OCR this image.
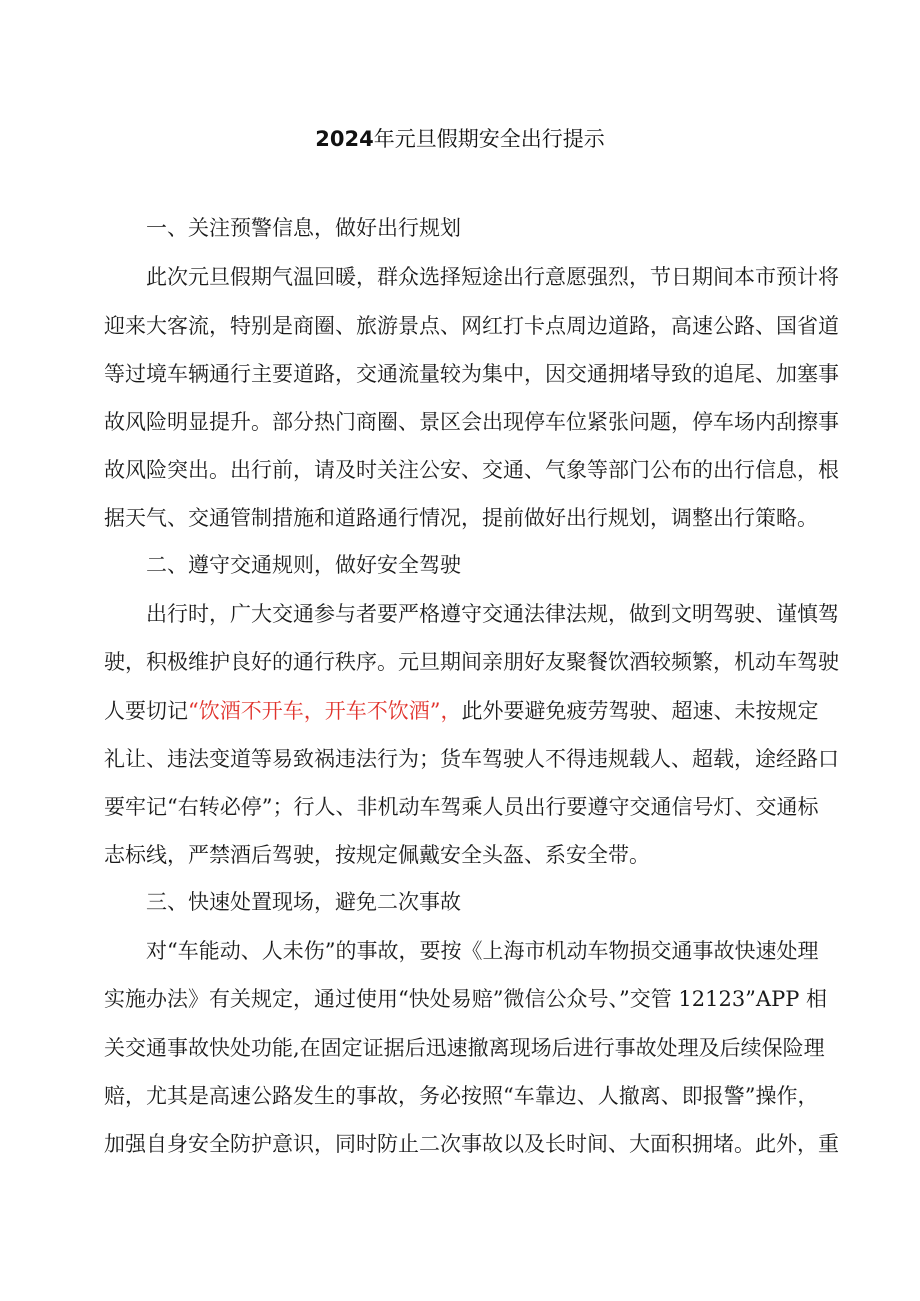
2024年元旦假期安全出行提示
一、关注预警信息，做好出行规划
此次元旦假期气温回暖，群众选择短途出行意愿强烈，节日期间本市预计将
迎来大客流，特别是商圈、旅游景点、网红打卡点周边道路，高速公路、国省道
等过境车辆通行主要道路，交通流量较为集中，因交通拥堵导致的追尾、加塞事
故风险明显提升。部分热门商圈、景区会出现停车位紧张问题，停车场内刮擦事
故风险突出。出行前，请及时关注公安、交通、气象等部门公布的出行信息，根
据天气、交通管制措施和道路通行情况，提前做好出行规划，调整出行策略。
二、遵守交通规则，做好安全驾驶
出行时，广大交通参与者要严格遵守交通法律法规，做到文明驾驶、谨慎驾
驶，积极维护良好的通行秩序。元旦期间亲朋好友聚餐饮酒较频繁，机动车驾驶
人要切记“饮酒不开车，开车不饮酒”，此外要避免疲劳驾驶、超速、未按规定
礼让、违法变道等易致祸违法行为；货车驾驶人不得违规载人、超载，途经路口
要牢记“右转必停”；行人、非机动车驾乘人员出行要遵守交通信号灯、交通标
志标线，严禁酒后驾驶，按规定佩戴安全头盔、系安全带。
三、快速处置现场，避免二次事故
对“车能动、人未伤”的事故，要按《上海市机动车物损交通事故快速处理
实施办法》有关规定，通过使用“快处易赔”微信公众号、”交管 12123”APP 相
关交通事故快处功能,在固定证据后迅速撤离现场后进行事故处理及后续保险理
赔，尤其是高速公路发生的事故，务必按照“车靠边、人撤离、即报警”操作，
加强自身安全防护意识，同时防止二次事故以及长时间、大面积拥堵。此外，重
